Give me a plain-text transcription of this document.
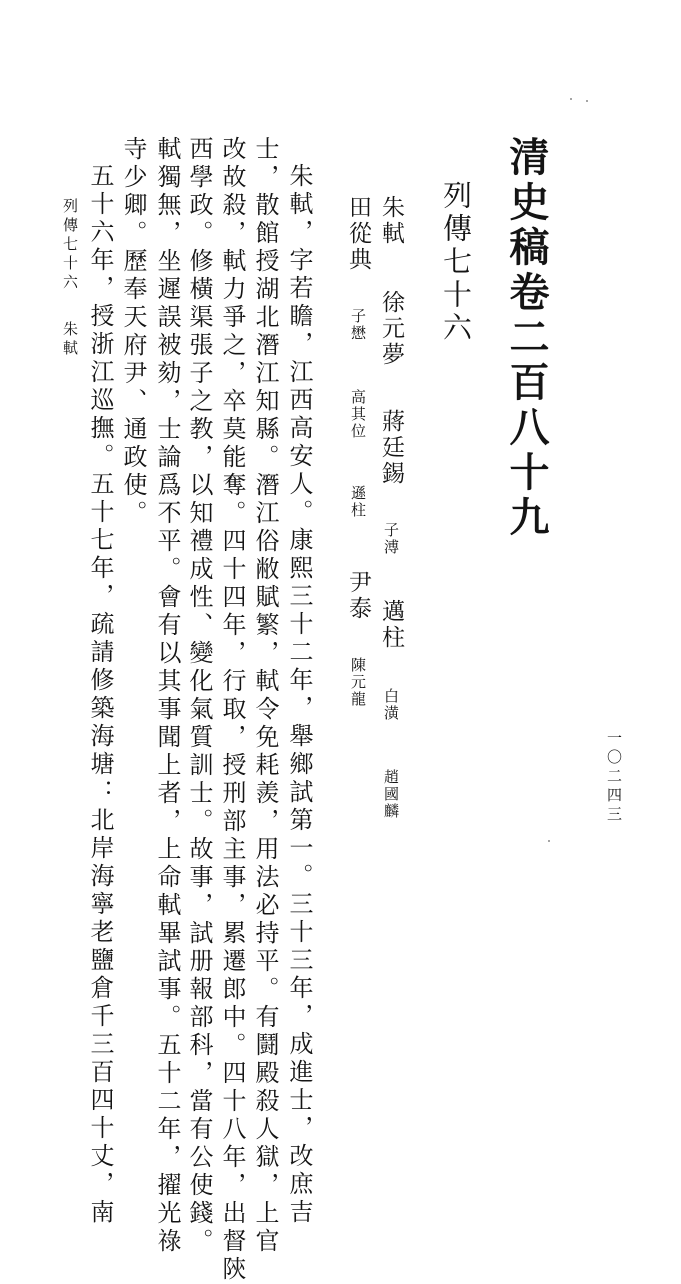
清史稿卷二百八十九
列傳七十六
朱軾 徐元夢 蔣廷錫 子溥 邁柱 白潢 趙國麟
田從典 子懋 高其位 遜柱 尹泰 陳元龍
朱軾，字若瞻，江西高安人。康熙三十二年，舉鄉試第一。三十三年，成進士，改庶吉
士，散館授湖北潛江知縣。潛江俗敝賦繁，軾令免耗羨，用法必持平。有鬪殿殺人獄，上官
改故殺，軾力爭之，卒莫能奪。四十四年，行取，授刑部主事，累遷郎中。四十八年，出督陝
西學政。修橫渠張子之教，以知禮成性、變化氣質訓士。故事，試册報部科，當有公使錢。
軾獨無，坐遲誤被劾，士論爲不平。會有以其事聞上者，上命軾畢試事。五十二年，擢光祿
寺少卿。歷奉天府尹、通政使。
五十六年，授浙江巡撫。五十七年，疏請修築海塘：北岸海寧老鹽倉千三百四十丈，南
列傳七十六朱軾
一〇二四三
